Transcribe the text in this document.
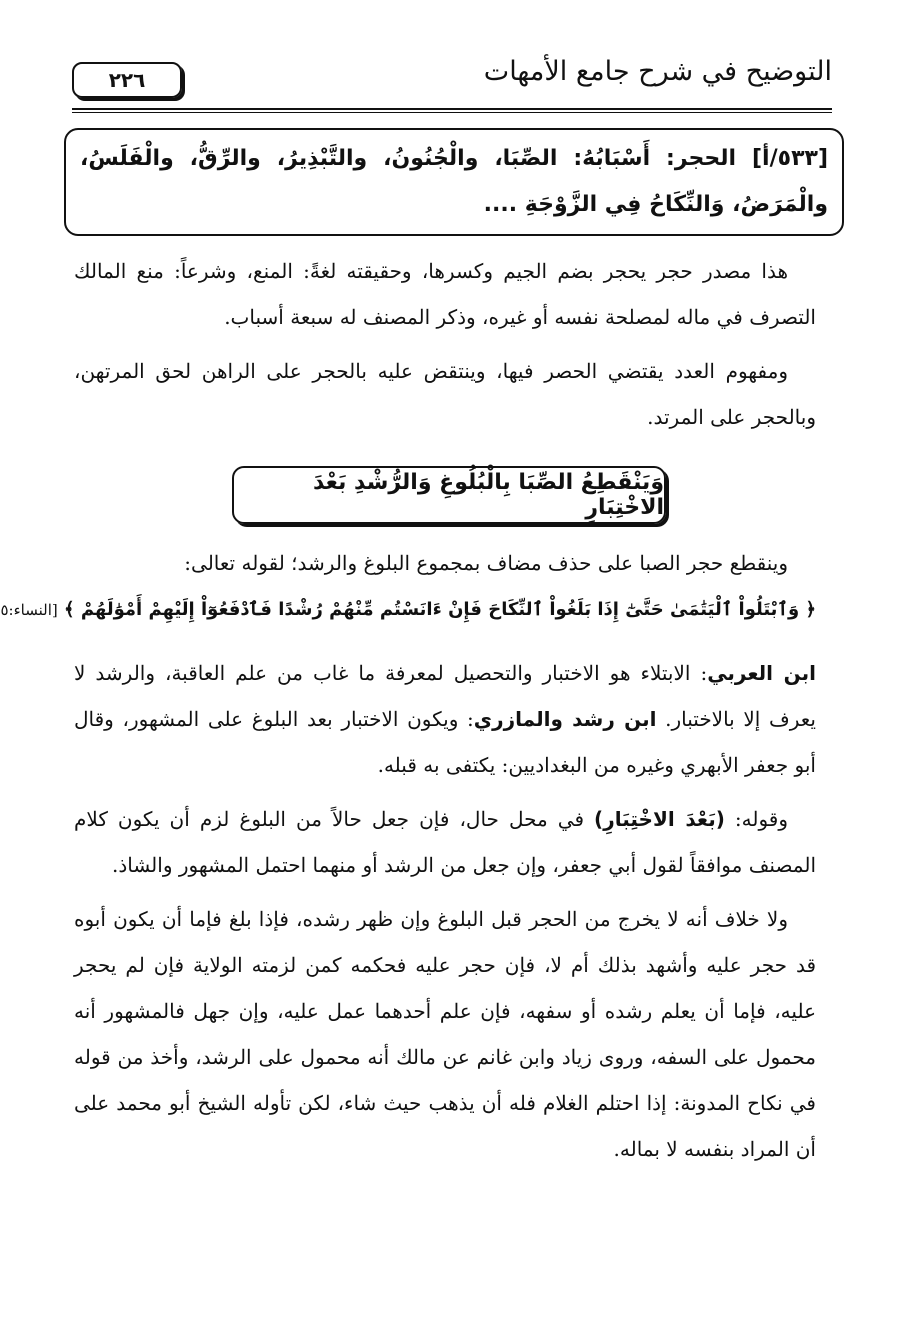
التوضيح في شرح جامع الأمهات
٢٢٦
[٥٣٣/أ] الحجر: أَسْبَابُهُ: الصِّبَا، والْجُنُونُ، والتَّبْذِيرُ، والرِّقُّ، والْفَلَسُ، والْمَرَضُ، وَالنِّكَاحُ فِي الزَّوْجَةِ ....

هذا مصدر حجر يحجر بضم الجيم وكسرها، وحقيقته لغةً: المنع، وشرعاً: منع المالك التصرف في ماله لمصلحة نفسه أو غيره، وذكر المصنف له سبعة أسباب.

ومفهوم العدد يقتضي الحصر فيها، وينتقض عليه بالحجر على الراهن لحق المرتهن، وبالحجر على المرتد.

وَيَنْقَطِعُ الصِّبَا بِالْبُلُوغِ وَالرُّشْدِ بَعْدَ الاخْتِبَارِ

وينقطع حجر الصبا على حذف مضاف بمجموع البلوغ والرشد؛ لقوله تعالى:

﴿ وَٱبْتَلُواْ ٱلْيَتَٰمَىٰ حَتَّىٰٓ إِذَا بَلَغُواْ ٱلنِّكَاحَ فَإِنْ ءَانَسْتُم مِّنْهُمْ رُشْدًا فَٱدْفَعُوٓاْ إِلَيْهِمْ أَمْوَٰلَهُمْ ﴾ [النساء:٥

ابن العربي: الابتلاء هو الاختبار والتحصيل لمعرفة ما غاب من علم العاقبة، والرشد لا يعرف إلا بالاختبار. ابن رشد والمازري: ويكون الاختبار بعد البلوغ على المشهور، وقال أبو جعفر الأبهري وغيره من البغداديين: يكتفى به قبله.

وقوله: (بَعْدَ الاخْتِبَارِ) في محل حال، فإن جعل حالاً من البلوغ لزم أن يكون كلام المصنف موافقاً لقول أبي جعفر، وإن جعل من الرشد أو منهما احتمل المشهور والشاذ.

ولا خلاف أنه لا يخرج من الحجر قبل البلوغ وإن ظهر رشده، فإذا بلغ فإما أن يكون أبوه قد حجر عليه وأشهد بذلك أم لا، فإن حجر عليه فحكمه كمن لزمته الولاية فإن لم يحجر عليه، فإما أن يعلم رشده أو سفهه، فإن علم أحدهما عمل عليه، وإن جهل فالمشهور أنه محمول على السفه، وروى زياد وابن غانم عن مالك أنه محمول على الرشد، وأخذ من قوله في نكاح المدونة: إذا احتلم الغلام فله أن يذهب حيث شاء، لكن تأوله الشيخ أبو محمد على أن المراد بنفسه لا بماله.
